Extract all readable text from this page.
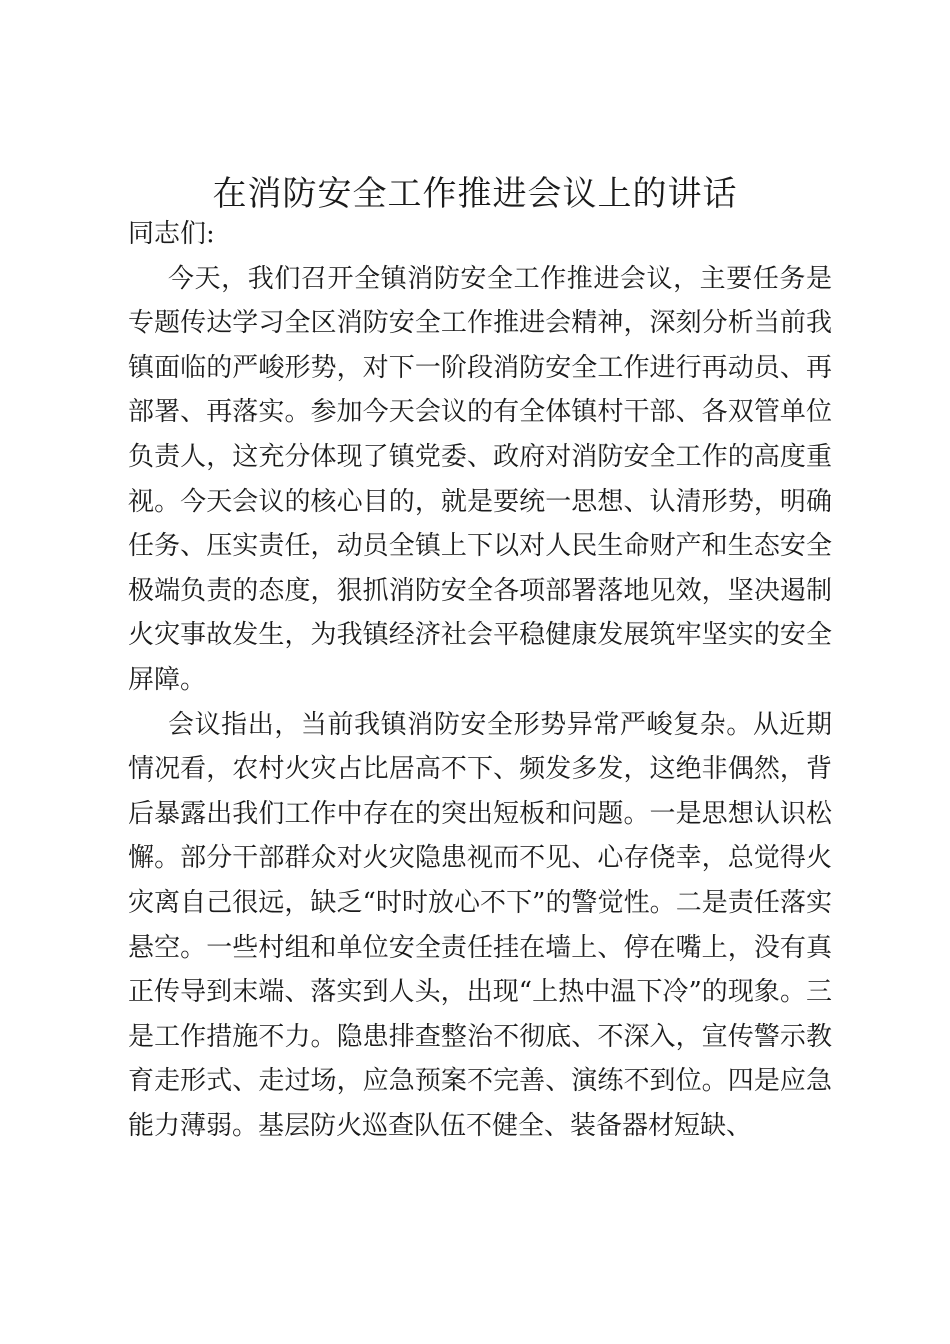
在消防安全工作推进会议上的讲话

同志们:

今天，我们召开全镇消防安全工作推进会议，主要任务是专题传达学习全区消防安全工作推进会精神，深刻分析当前我镇面临的严峻形势，对下一阶段消防安全工作进行再动员、再部署、再落实。参加今天会议的有全体镇村干部、各双管单位负责人，这充分体现了镇党委、政府对消防安全工作的高度重视。今天会议的核心目的，就是要统一思想、认清形势，明确任务、压实责任，动员全镇上下以对人民生命财产和生态安全极端负责的态度，狠抓消防安全各项部署落地见效，坚决遏制火灾事故发生，为我镇经济社会平稳健康发展筑牢坚实的安全屏障。

会议指出，当前我镇消防安全形势异常严峻复杂。从近期情况看，农村火灾占比居高不下、频发多发，这绝非偶然，背后暴露出我们工作中存在的突出短板和问题。一是思想认识松懈。部分干部群众对火灾隐患视而不见、心存侥幸，总觉得火灾离自己很远，缺乏“时时放心不下”的警觉性。二是责任落实悬空。一些村组和单位安全责任挂在墙上、停在嘴上，没有真正传导到末端、落实到人头，出现“上热中温下冷”的现象。三是工作措施不力。隐患排查整治不彻底、不深入，宣传警示教育走形式、走过场，应急预案不完善、演练不到位。四是应急能力薄弱。基层防火巡查队伍不健全、装备器材短缺、
